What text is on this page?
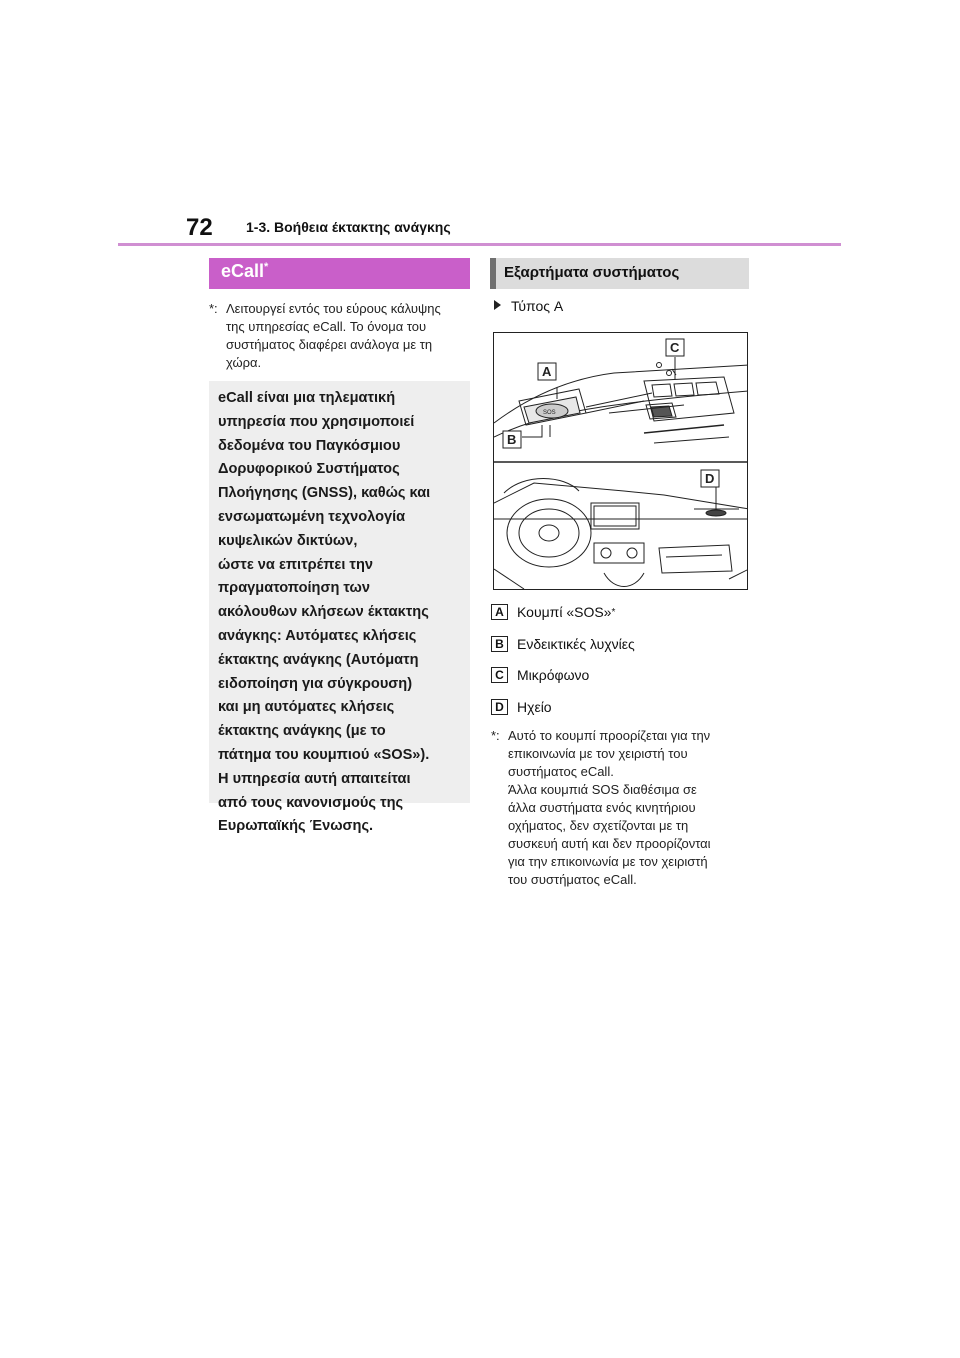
72 1-3. Βοήθεια έκτακτης ανάγκης
eCall*
*: Λειτουργεί εντός του εύρους κάλυψης
της υπηρεσίας eCall. Το όνομα του
συστήματος διαφέρει ανάλογα με τη
χώρα.
eCall είναι μια τηλεματική
υπηρεσία που χρησιμοποιεί
δεδομένα του Παγκόσμιου
Δορυφορικού Συστήματος
Πλοήγησης (GNSS), καθώς και
ενσωματωμένη τεχνολογία
κυψελικών δικτύων,
ώστε να επιτρέπει την
πραγματοποίηση των
ακόλουθων κλήσεων έκτακτης
ανάγκης: Αυτόματες κλήσεις
έκτακτης ανάγκης (Αυτόματη
ειδοποίηση για σύγκρουση)
και μη αυτόματες κλήσεις
έκτακτης ανάγκης (με το
πάτημα του κουμπιού «SOS»).
Η υπηρεσία αυτή απαιτείται
από τους κανονισμούς της
Ευρωπαϊκής Ένωσης.
Εξαρτήματα συστήματος
Τύπος A
SOS
A
B
C
D
A Κουμπί «SOS» *
B Ενδεικτικές λυχνίες
C Μικρόφωνο
D Ηχείο
*: Αυτό το κουμπί προορίζεται για την
επικοινωνία με τον χειριστή του
συστήματος eCall.
Άλλα κουμπιά SOS διαθέσιμα σε
άλλα συστήματα ενός κινητήριου
οχήματος, δεν σχετίζονται με τη
συσκευή αυτή και δεν προορίζονται
για την επικοινωνία με τον χειριστή
του συστήματος eCall.
